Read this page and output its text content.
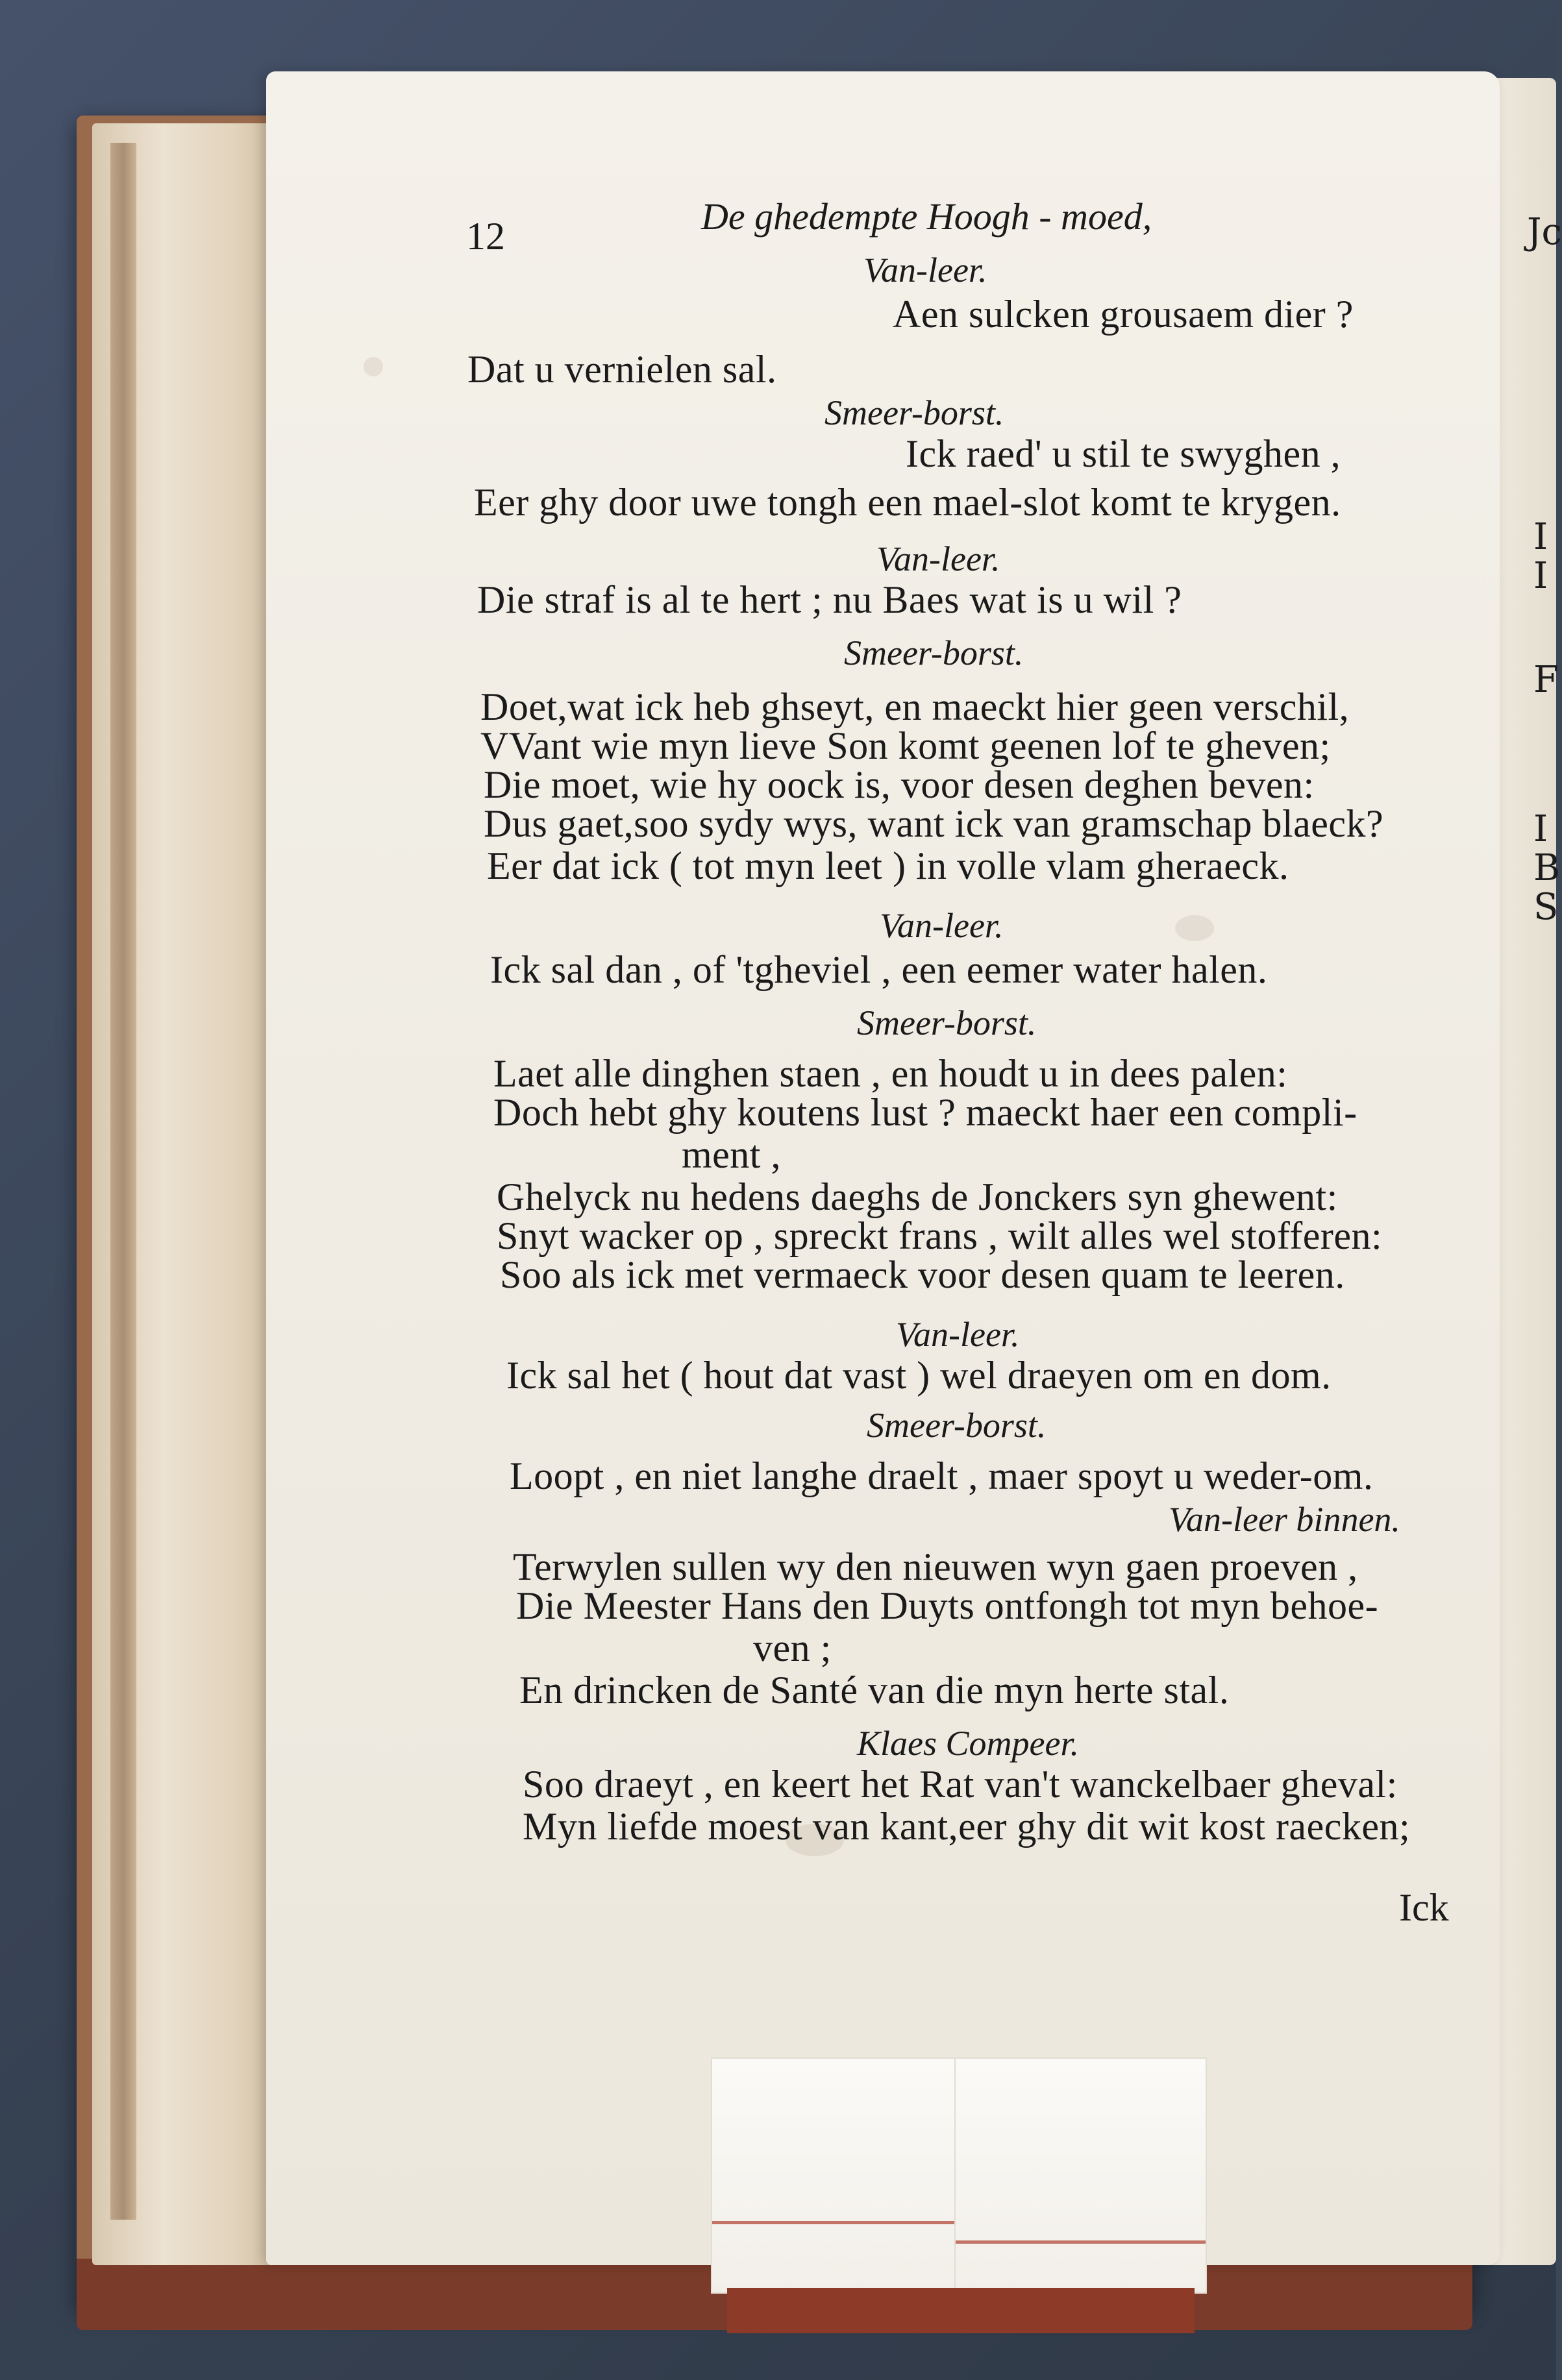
Jc
I
I
F
I
B
S
12	De ghedempte Hoogh - moed,
Van-leer.
Aen sulcken grousaem dier ?
Dat u vernielen sal.
Smeer-borst.
Ick raed' u stil te swyghen ,
Eer ghy door uwe tongh een mael-slot komt te krygen.
Van-leer.
Die straf is al te hert ; nu Baes wat is u wil ?
Smeer-borst.
Doet,wat ick heb ghseyt, en maeckt hier geen verschil,
VVant wie myn lieve Son komt geenen lof te gheven;
Die moet, wie hy oock is, voor desen deghen beven:
Dus gaet,soo sydy wys, want ick van gramschap blaeck?
Eer dat ick ( tot myn leet ) in volle vlam gheraeck.
Van-leer.
Ick sal dan , of 'tgheviel , een eemer water halen.
Smeer-borst.
Laet alle dinghen staen , en houdt u in dees palen:
Doch hebt ghy koutens lust ? maeckt haer een compli-
ment ,
Ghelyck nu hedens daeghs de Jonckers syn ghewent:
Snyt wacker op , spreckt frans , wilt alles wel stofferen:
Soo als ick met vermaeck voor desen quam te leeren.
Van-leer.
Ick sal het ( hout dat vast ) wel draeyen om en dom.
Smeer-borst.
Loopt , en niet langhe draelt , maer spoyt u weder-om.
Van-leer binnen.
Terwylen sullen wy den nieuwen wyn gaen proeven ,
Die Meester Hans den Duyts ontfongh tot myn behoe-
ven ;
En drincken de Santé van die myn herte stal.
Klaes Compeer.
Soo draeyt , en keert het Rat van't wanckelbaer gheval:
Myn liefde moest van kant,eer ghy dit wit kost raecken;
Ick
